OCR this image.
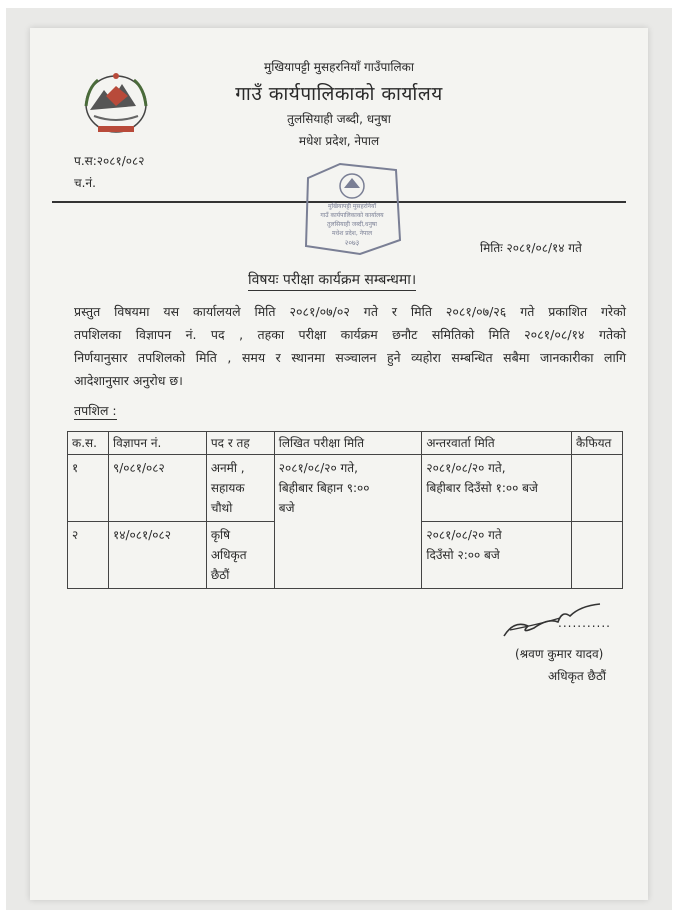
मुखियापट्टी मुसहरनियाँ गाउँपालिका
गाउँ कार्यपालिकाको कार्यालय
तुलसियाही जब्दी, धनुषा
मधेश प्रदेश, नेपाल
प.स:२०८१/०८२
च.नं.
मुखियापट्टी मुसहरनियाँ
गाउँ कार्यपालिकाको कार्यालय
तुलसियाही जब्दी,धनुषा
मधेश प्रदेश, नेपाल
२०७३	मितिः २०८१/०८/१४ गते
विषयः परीक्षा कार्यक्रम सम्बन्धमा।
प्रस्तुत विषयमा यस कार्यालयले मिति २०८१/०७/०२ गते र मिति २०८१/०७/२६ गते प्रकाशित गरेको
तपशिलका विज्ञापन नं. पद , तहका परीक्षा कार्यक्रम छनौट समितिको मिति २०८१/०८/१४ गतेको
निर्णयानुसार तपशिलको मिति , समय र स्थानमा सञ्चालन हुने व्यहोरा सम्बन्धित सबैमा जानकारीका लागि
आदेशानुसार अनुरोध छ।
तपशिल :
क.स.	विज्ञापन नं.	पद र तह	लिखित परीक्षा मिति	अन्तरवार्ता मिति	कैफियत
१	९/०८१/०८२	अनमी ,
सहायक
चौथो	२०८१/०८/२० गते,
बिहीबार बिहान ९:००
बजे	२०८१/०८/२० गते,
बिहीबार दिउँसो १:०० बजे	
२	१४/०८१/०८२	कृषि
अधिकृत
छैठौं		२०८१/०८/२० गते
दिउँसो २:०० बजे	
...........
(श्रवण कुमार यादव)
अधिकृत छैठौं
